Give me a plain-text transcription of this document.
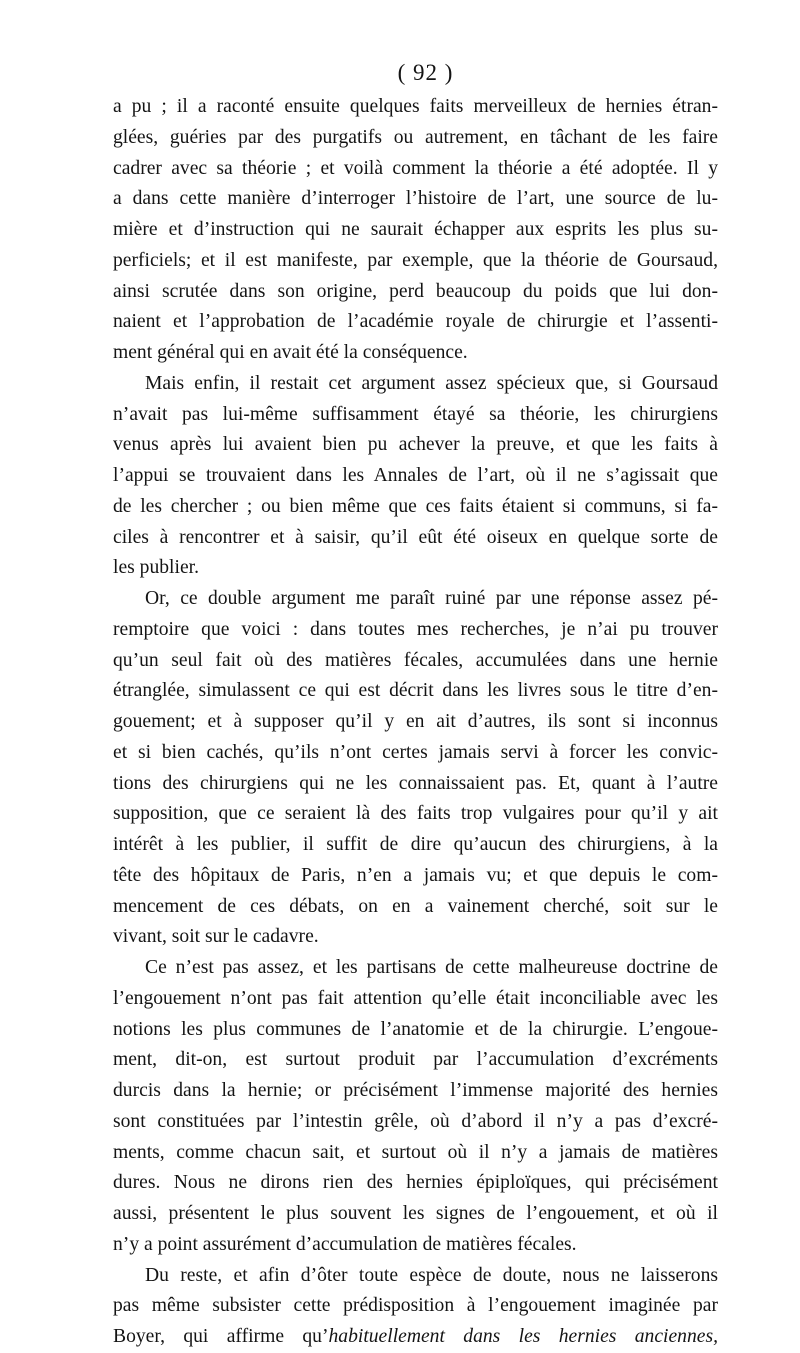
( 92 )
a pu ; il a raconté ensuite quelques faits merveilleux de hernies étran-
glées, guéries par des purgatifs ou autrement, en tâchant de les faire
cadrer avec sa théorie ; et voilà comment la théorie a été adoptée. Il y
a dans cette manière d’interroger l’histoire de l’art, une source de lu-
mière et d’instruction qui ne saurait échapper aux esprits les plus su-
perficiels; et il est manifeste, par exemple, que la théorie de Goursaud,
ainsi scrutée dans son origine, perd beaucoup du poids que lui don-
naient et l’approbation de l’académie royale de chirurgie et l’assenti-
ment général qui en avait été la conséquence.
Mais enfin, il restait cet argument assez spécieux que, si Goursaud
n’avait pas lui-même suffisamment étayé sa théorie, les chirurgiens
venus après lui avaient bien pu achever la preuve, et que les faits à
l’appui se trouvaient dans les Annales de l’art, où il ne s’agissait que
de les chercher ; ou bien même que ces faits étaient si communs, si fa-
ciles à rencontrer et à saisir, qu’il eût été oiseux en quelque sorte de
les publier.
Or, ce double argument me paraît ruiné par une réponse assez pé-
remptoire que voici : dans toutes mes recherches, je n’ai pu trouver
qu’un seul fait où des matières fécales, accumulées dans une hernie
étranglée, simulassent ce qui est décrit dans les livres sous le titre d’en-
gouement; et à supposer qu’il y en ait d’autres, ils sont si inconnus
et si bien cachés, qu’ils n’ont certes jamais servi à forcer les convic-
tions des chirurgiens qui ne les connaissaient pas. Et, quant à l’autre
supposition, que ce seraient là des faits trop vulgaires pour qu’il y ait
intérêt à les publier, il suffit de dire qu’aucun des chirurgiens, à la
tête des hôpitaux de Paris, n’en a jamais vu; et que depuis le com-
mencement de ces débats, on en a vainement cherché, soit sur le
vivant, soit sur le cadavre.
Ce n’est pas assez, et les partisans de cette malheureuse doctrine de
l’engouement n’ont pas fait attention qu’elle était inconciliable avec les
notions les plus communes de l’anatomie et de la chirurgie. L’engoue-
ment, dit-on, est surtout produit par l’accumulation d’excréments
durcis dans la hernie; or précisément l’immense majorité des hernies
sont constituées par l’intestin grêle, où d’abord il n’y a pas d’excré-
ments, comme chacun sait, et surtout où il n’y a jamais de matières
dures. Nous ne dirons rien des hernies épiploïques, qui précisément
aussi, présentent le plus souvent les signes de l’engouement, et où il
n’y a point assurément d’accumulation de matières fécales.
Du reste, et afin d’ôter toute espèce de doute, nous ne laisserons
pas même subsister cette prédisposition à l’engouement imaginée par
Boyer, qui affirme qu’habituellement dans les hernies anciennes,
